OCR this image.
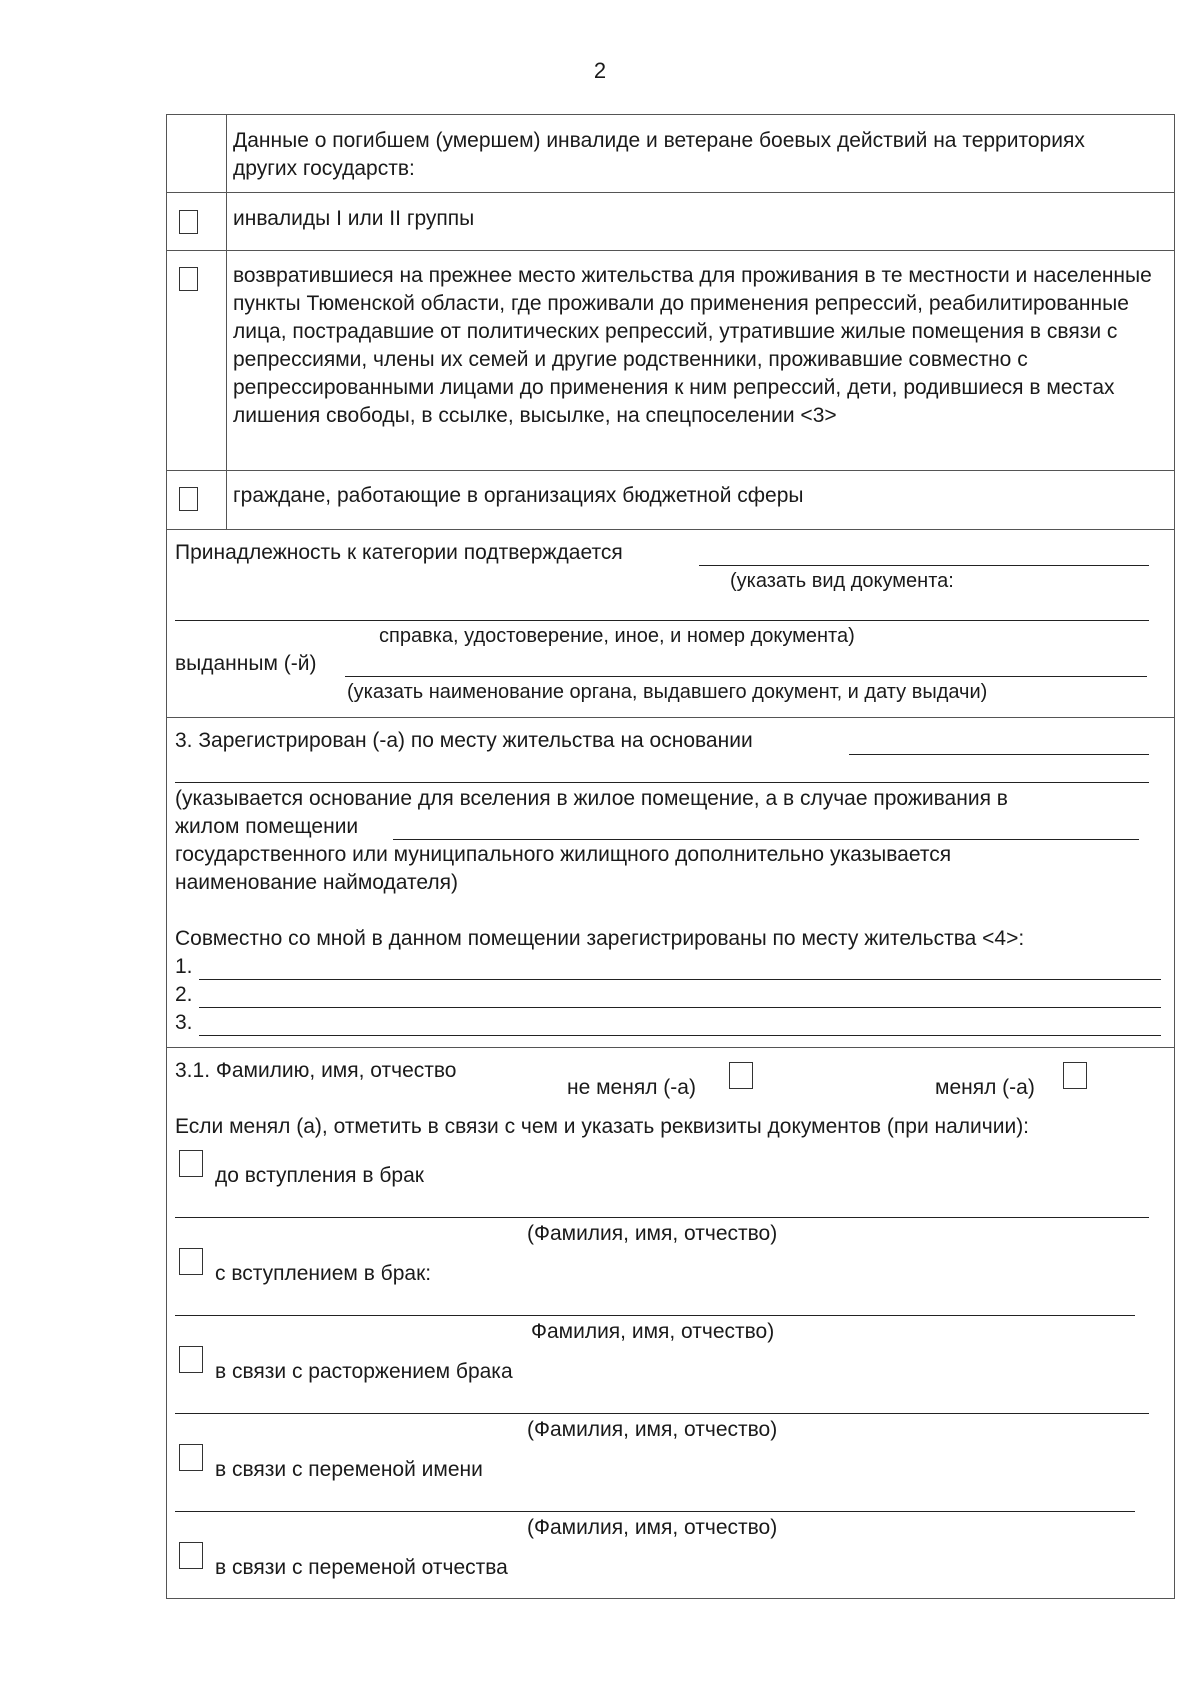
2
Данные о погибшем (умершем) инвалиде и ветеране боевых действий на территориях других государств:
инвалиды I или II группы
возвратившиеся на прежнее место жительства для проживания в те местности и населенные пункты Тюменской области, где проживали до применения репрессий, реабилитированные лица, пострадавшие от политических репрессий, утратившие жилые помещения в связи с репрессиями, члены их семей и другие родственники, проживавшие совместно с репрессированными лицами до применения к ним репрессий, дети, родившиеся в местах лишения свободы, в ссылке, высылке, на спецпоселении <3>
граждане, работающие в организациях бюджетной сферы
Принадлежность к категории подтверждается
(указать вид документа:
справка, удостоверение, иное, и номер документа)
выданным (-й)
(указать наименование органа, выдавшего документ, и дату выдачи)
3. Зарегистрирован (-а) по месту жительства на основании
(указывается основание для вселения в жилое помещение, а в случае проживания в
жилом помещении
государственного или муниципального жилищного дополнительно указывается
наименование наймодателя)
Совместно со мной в данном помещении зарегистрированы по месту жительства <4>:
1.
2.
3.
3.1. Фамилию, имя, отчество
не менял (-а)	менял (-а)
Если менял (а), отметить в связи с чем и указать реквизиты документов (при наличии):
до вступления в брак
(Фамилия, имя, отчество)
с вступлением в брак:
Фамилия, имя, отчество)
в связи с расторжением брака
(Фамилия, имя, отчество)
в связи с переменой имени
(Фамилия, имя, отчество)
в связи с переменой отчества
